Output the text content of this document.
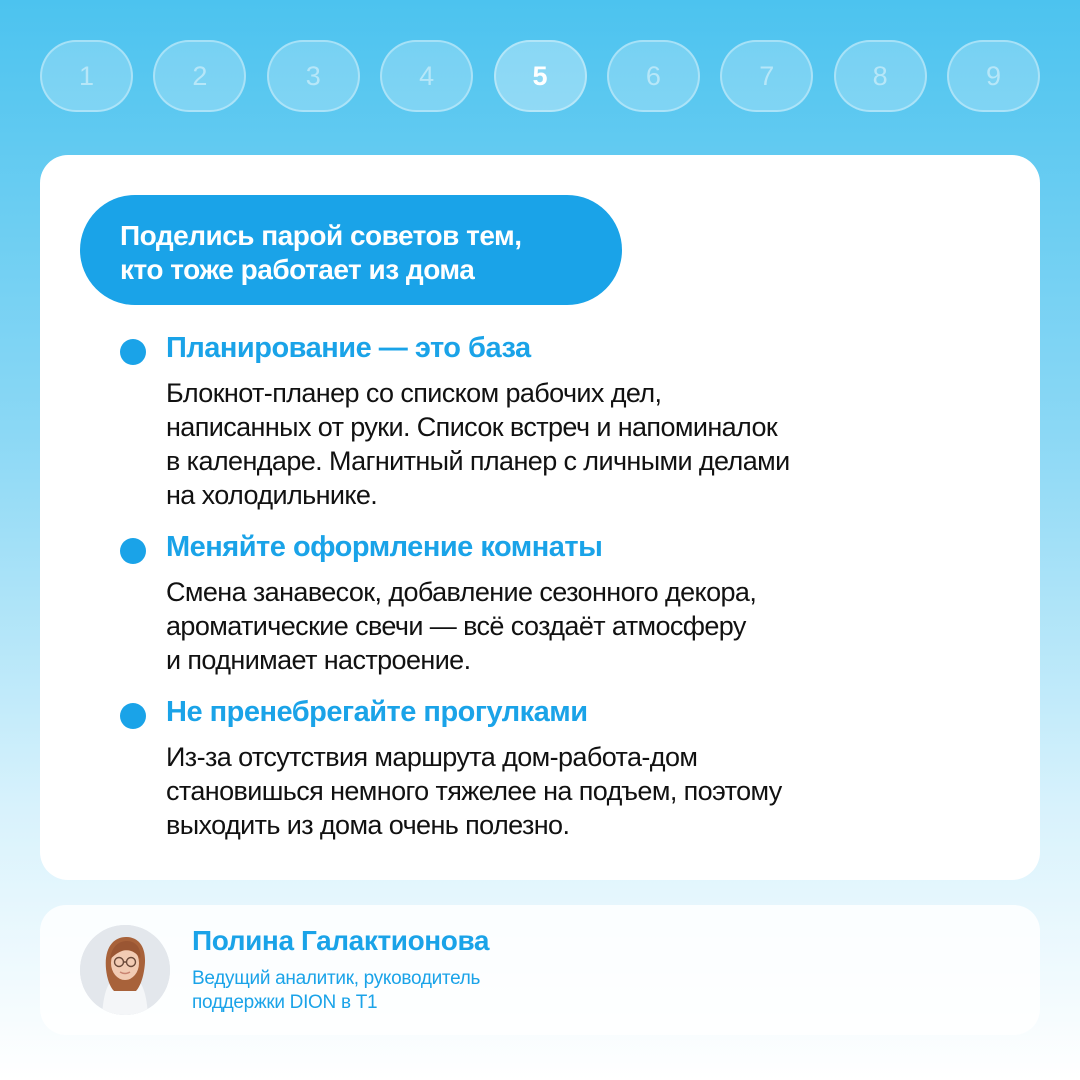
1	2	3	4	5	6	7	8	9
Поделись парой советов тем,
кто тоже работает из дома
Планирование — это база
Блокнот-планер со списком рабочих дел,
написанных от руки. Список встреч и напоминалок
в календаре. Магнитный планер с личными делами
на холодильнике.
Меняйте оформление комнаты
Смена занавесок, добавление сезонного декора,
ароматические свечи — всё создаёт атмосферу
и поднимает настроение.
Не пренебрегайте прогулками
Из-за отсутствия маршрута дом-работа-дом
становишься немного тяжелее на подъем, поэтому
выходить из дома очень полезно.
Полина Галактионова
Ведущий аналитик, руководитель
поддержки DION в Т1
